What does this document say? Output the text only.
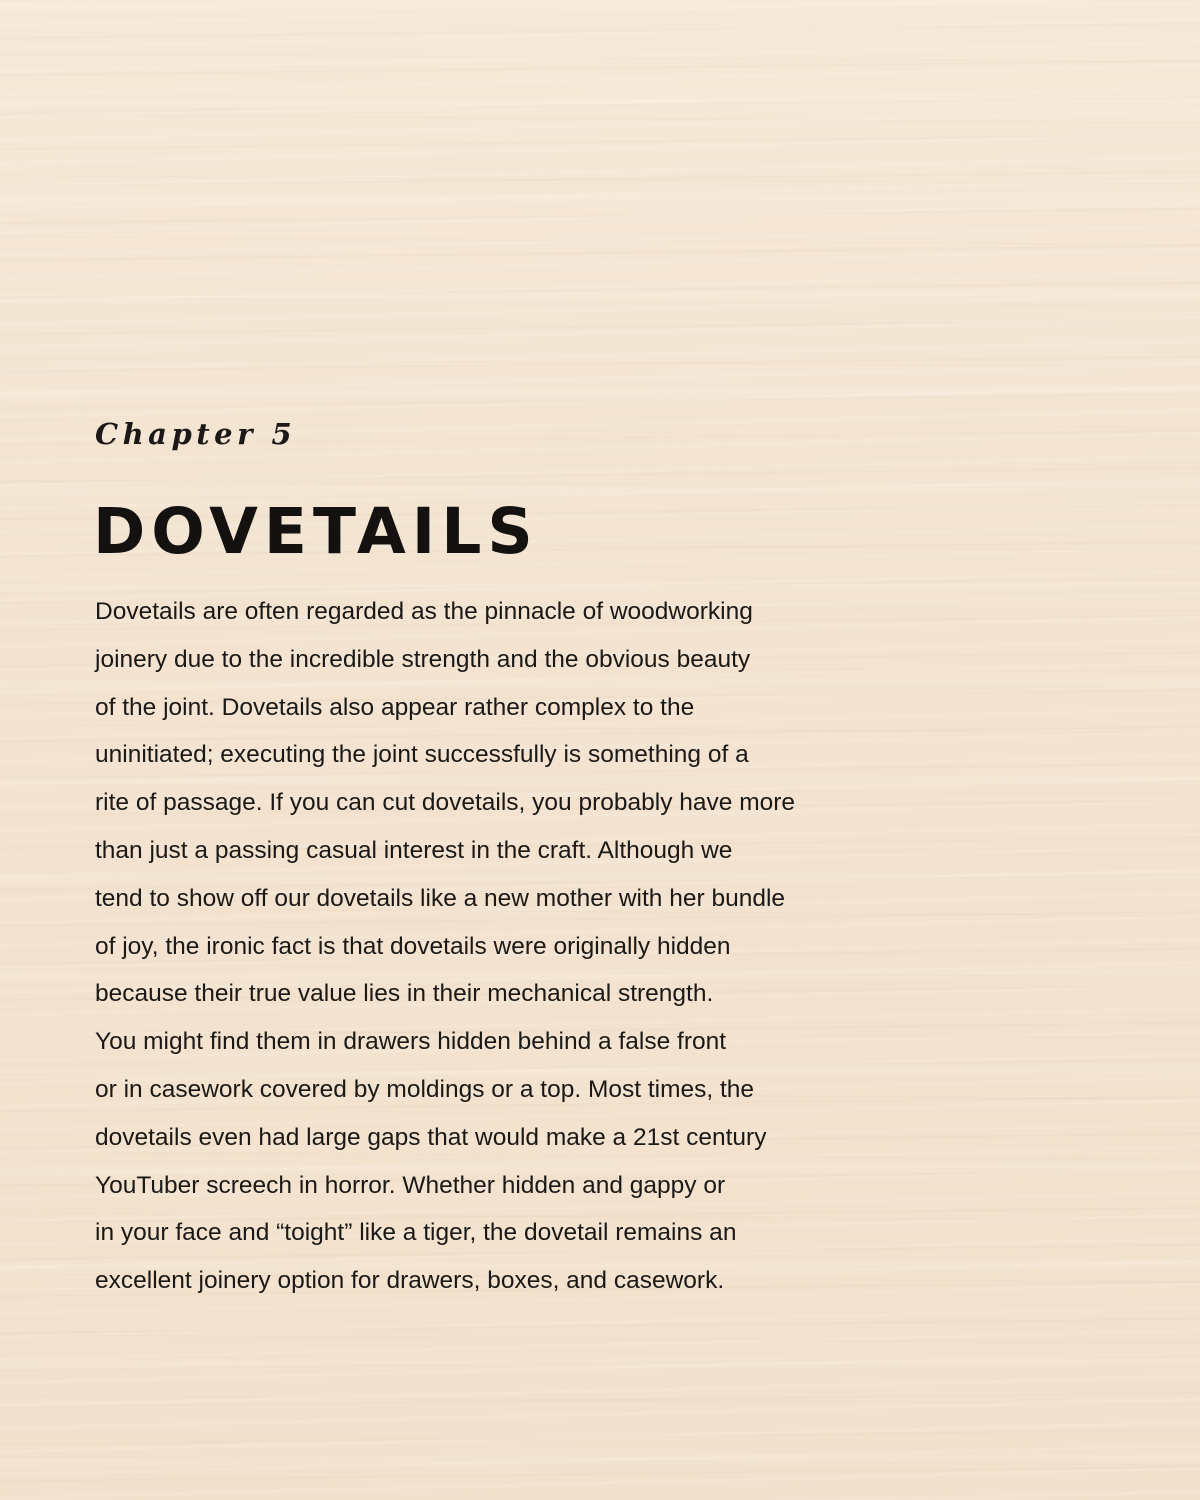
Chapter 5
DOVETAILS
Dovetails are often regarded as the pinnacle of woodworking
joinery due to the incredible strength and the obvious beauty
of the joint. Dovetails also appear rather complex to the
uninitiated; executing the joint successfully is something of a
rite of passage. If you can cut dovetails, you probably have more
than just a passing casual interest in the craft. Although we
tend to show off our dovetails like a new mother with her bundle
of joy, the ironic fact is that dovetails were originally hidden
because their true value lies in their mechanical strength.
You might find them in drawers hidden behind a false front
or in casework covered by moldings or a top. Most times, the
dovetails even had large gaps that would make a 21st century
YouTuber screech in horror. Whether hidden and gappy or
in your face and “toight” like a tiger, the dovetail remains an
excellent joinery option for drawers, boxes, and casework.
